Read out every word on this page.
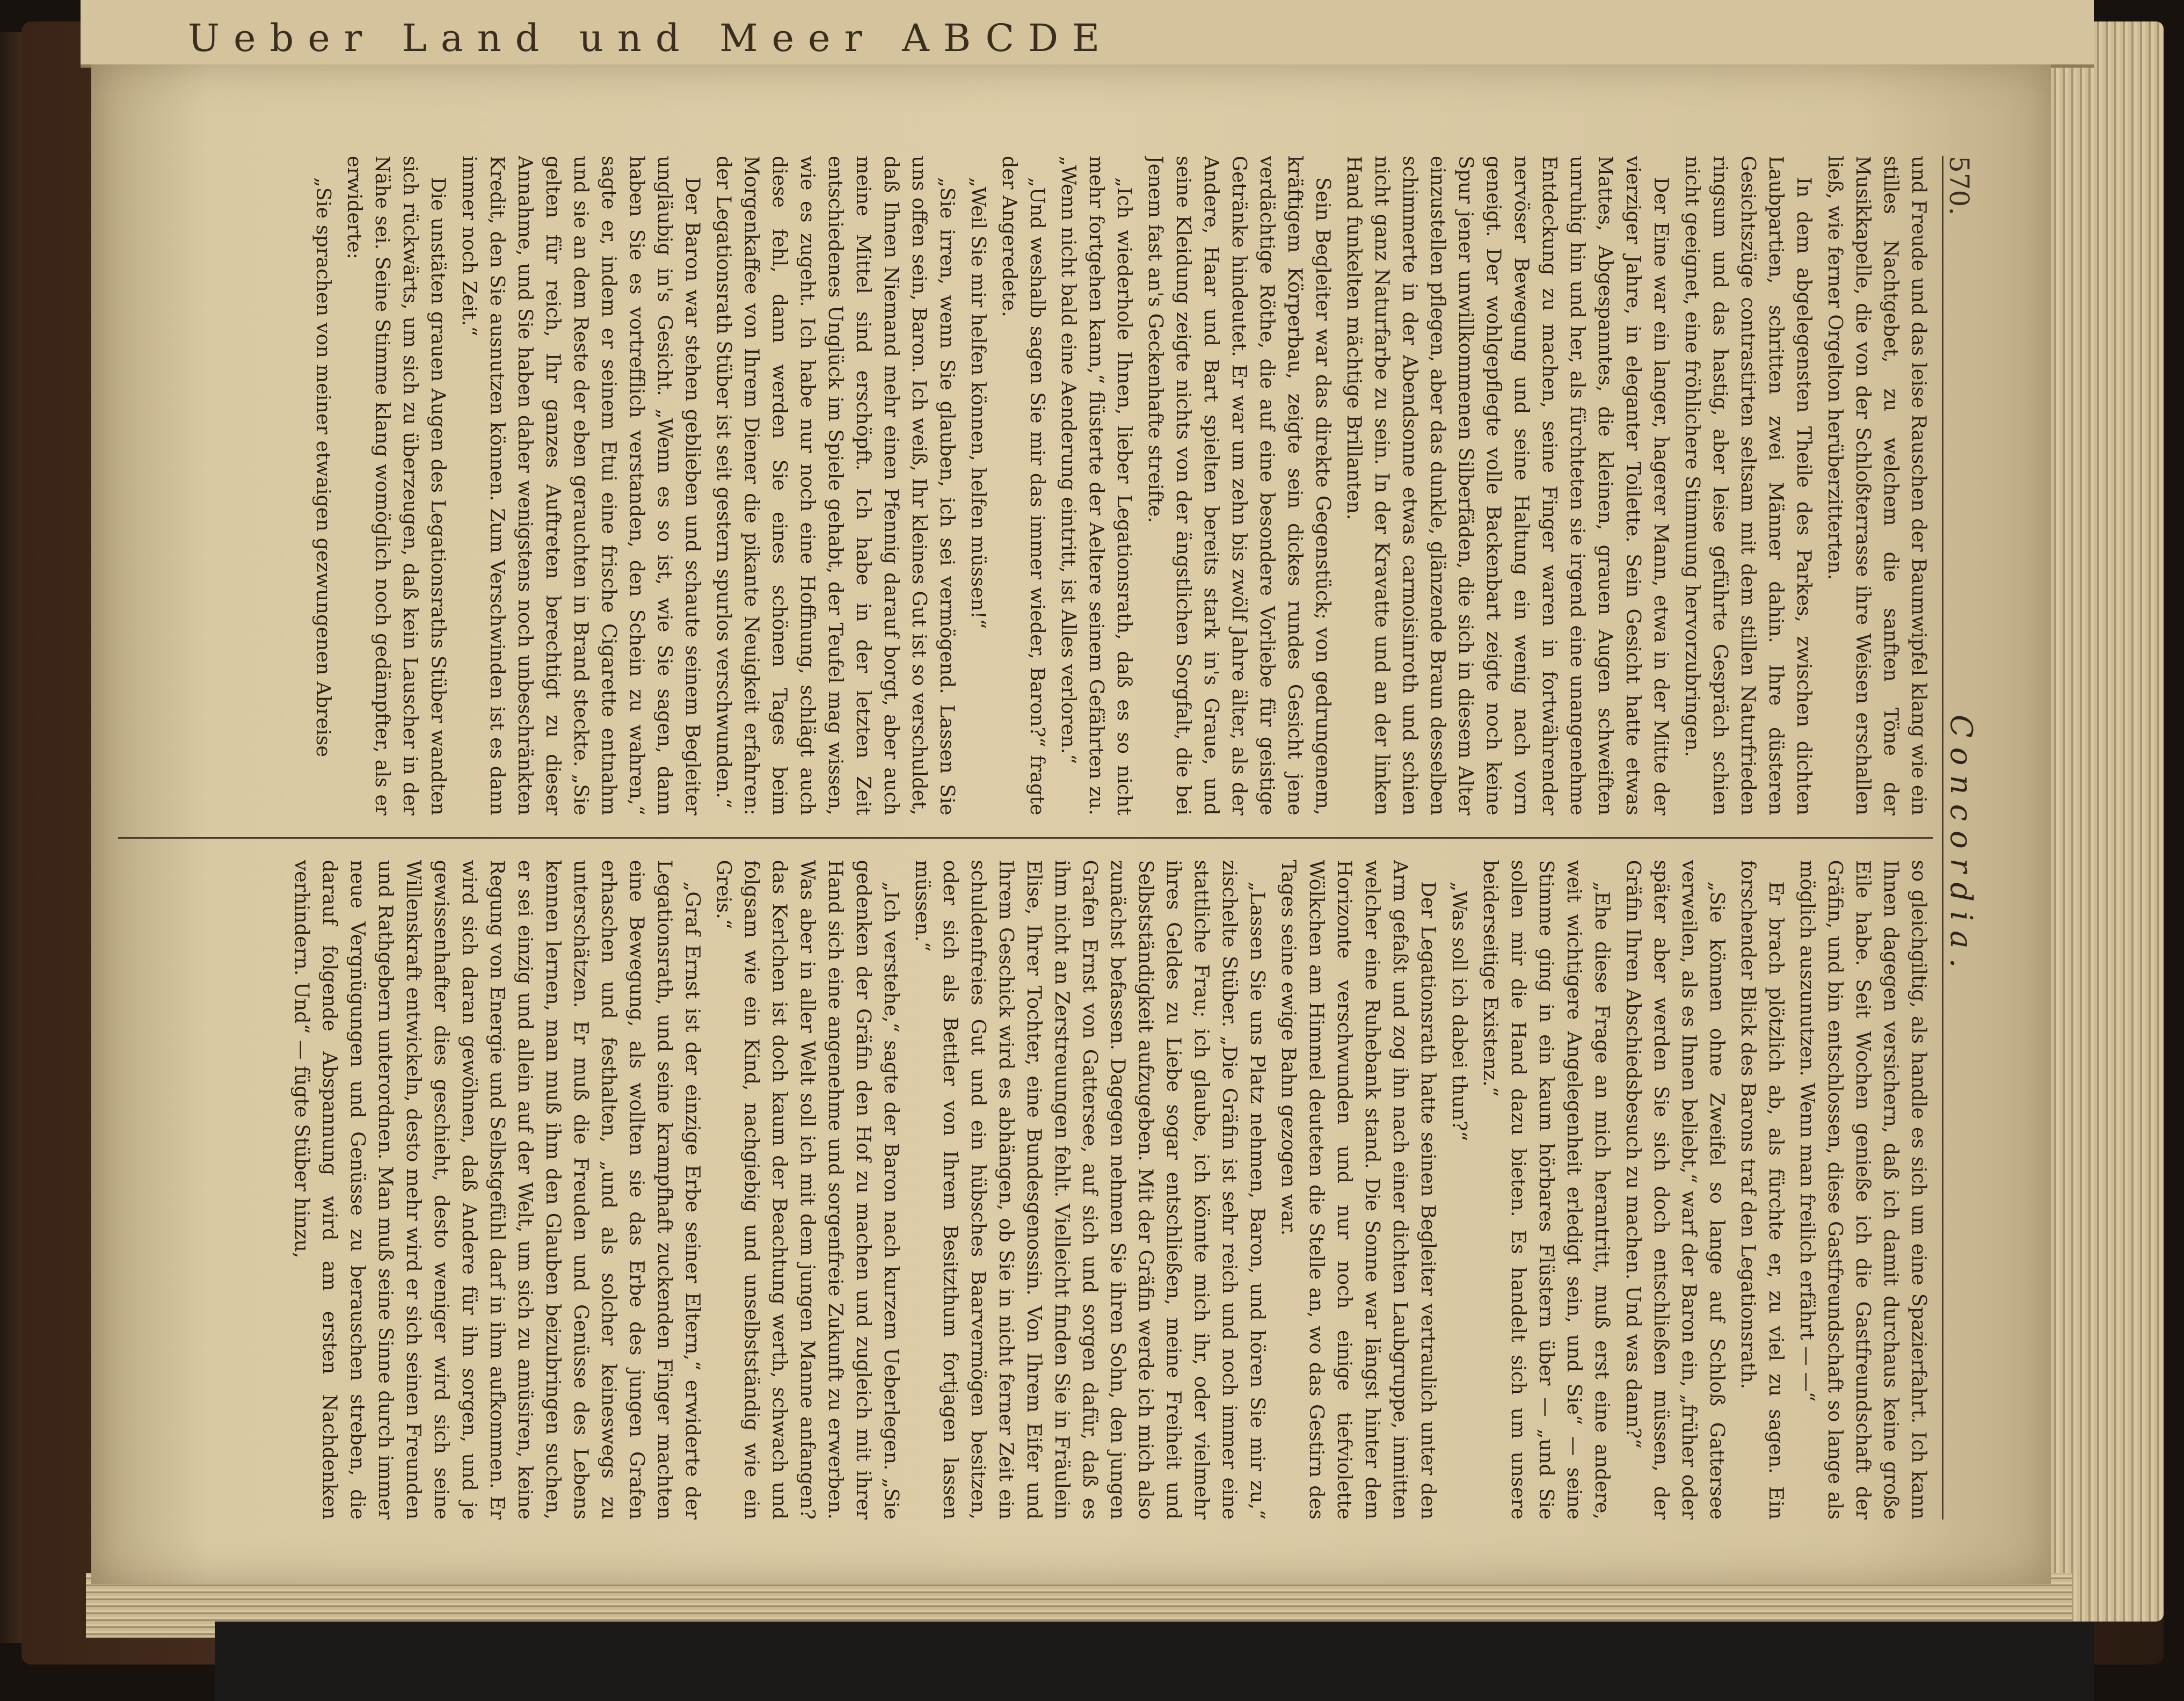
Ueber Land und Meer ABCDE
570.
Concordia.

und Freude und das leise Rauschen der Baumwipfel klang wie ein stilles Nachtgebet, zu welchem die sanften Töne der Musikkapelle, die von der Schloßterrasse ihre Weisen erschallen ließ, wie ferner Orgelton herüberzitterten.

In dem abgelegensten Theile des Parkes, zwischen dichten Laubpartien, schritten zwei Männer dahin. Ihre düsteren Gesichtszüge contrastirten seltsam mit dem stillen Naturfrieden ringsum und das hastig, aber leise geführte Gespräch schien nicht geeignet, eine fröhlichere Stimmung hervorzubringen.

Der Eine war ein langer, hagerer Mann, etwa in der Mitte der vierziger Jahre, in eleganter Toilette. Sein Gesicht hatte etwas Mattes, Abgespanntes, die kleinen, grauen Augen schweiften unruhig hin und her, als fürchteten sie irgend eine unangenehme Entdeckung zu machen, seine Finger waren in fortwährender nervöser Bewegung und seine Haltung ein wenig nach vorn geneigt. Der wohlgepflegte volle Backenbart zeigte noch keine Spur jener unwillkommenen Silberfäden, die sich in diesem Alter einzustellen pflegen, aber das dunkle, glänzende Braun desselben schimmerte in der Abendsonne etwas carmoisinroth und schien nicht ganz Naturfarbe zu sein. In der Kravatte und an der linken Hand funkelten mächtige Brillanten.

Sein Begleiter war das direkte Gegenstück; von gedrungenem, kräftigem Körperbau, zeigte sein dickes rundes Gesicht jene verdächtige Röthe, die auf eine besondere Vorliebe für geistige Getränke hindeutet. Er war um zehn bis zwölf Jahre älter, als der Andere, Haar und Bart spielten bereits stark in's Graue, und seine Kleidung zeigte nichts von der ängstlichen Sorgfalt, die bei Jenem fast an's Geckenhafte streifte.

„Ich wiederhole Ihnen, lieber Legationsrath, daß es so nicht mehr fortgehen kann,“ flüsterte der Aeltere seinem Gefährten zu. „Wenn nicht bald eine Aenderung eintritt, ist Alles verloren.“

„Und weshalb sagen Sie mir das immer wieder, Baron?“ fragte der Angeredete.

„Weil Sie mir helfen können, helfen müssen!“

„Sie irren, wenn Sie glauben, ich sei vermögend. Lassen Sie uns offen sein, Baron. Ich weiß, Ihr kleines Gut ist so verschuldet, daß Ihnen Niemand mehr einen Pfennig darauf borgt, aber auch meine Mittel sind erschöpft. Ich habe in der letzten Zeit entschiedenes Unglück im Spiele gehabt, der Teufel mag wissen, wie es zugeht. Ich habe nur noch eine Hoffnung, schlägt auch diese fehl, dann werden Sie eines schönen Tages beim Morgenkaffee von Ihrem Diener die pikante Neuigkeit erfahren: der Legationsrath Stüber ist seit gestern spurlos verschwunden.“

Der Baron war stehen geblieben und schaute seinem Begleiter ungläubig in's Gesicht. „Wenn es so ist, wie Sie sagen, dann haben Sie es vortrefflich verstanden, den Schein zu wahren,“ sagte er, indem er seinem Etui eine frische Cigarette entnahm und sie an dem Reste der eben gerauchten in Brand steckte. „Sie gelten für reich, Ihr ganzes Auftreten berechtigt zu dieser Annahme, und Sie haben daher wenigstens noch unbeschränkten Kredit, den Sie ausnutzen können. Zum Verschwinden ist es dann immer noch Zeit.“

Die unstäten grauen Augen des Legationsraths Stüber wandten sich rückwärts, um sich zu überzeugen, daß kein Lauscher in der Nähe sei. Seine Stimme klang womöglich noch gedämpfter, als er erwiderte:

„Sie sprachen von meiner etwaigen gezwungenen Abreise

so gleichgiltig, als handle es sich um eine Spazierfahrt. Ich kann Ihnen dagegen versichern, daß ich damit durchaus keine große Eile habe. Seit Wochen genieße ich die Gastfreundschaft der Gräfin, und bin entschlossen, diese Gastfreundschaft so lange als möglich auszunutzen. Wenn man freilich erfährt — —“

Er brach plötzlich ab, als fürchte er, zu viel zu sagen. Ein forschender Blick des Barons traf den Legationsrath.

„Sie können ohne Zweifel so lange auf Schloß Gattersee verweilen, als es Ihnen beliebt,“ warf der Baron ein, „früher oder später aber werden Sie sich doch entschließen müssen, der Gräfin Ihren Abschiedsbesuch zu machen. Und was dann?“

„Ehe diese Frage an mich herantritt, muß erst eine andere, weit wichtigere Angelegenheit erledigt sein, und Sie“ — seine Stimme ging in ein kaum hörbares Flüstern über — „und Sie sollen mir die Hand dazu bieten. Es handelt sich um unsere beiderseitige Existenz.“

„Was soll ich dabei thun?“

Der Legationsrath hatte seinen Begleiter vertraulich unter den Arm gefaßt und zog ihn nach einer dichten Laubgruppe, inmitten welcher eine Ruhebank stand. Die Sonne war längst hinter dem Horizonte verschwunden und nur noch einige tiefviolette Wölkchen am Himmel deuteten die Stelle an, wo das Gestirn des Tages seine ewige Bahn gezogen war.

„Lassen Sie uns Platz nehmen, Baron, und hören Sie mir zu,“ zischelte Stüber. „Die Gräfin ist sehr reich und noch immer eine stattliche Frau; ich glaube, ich könnte mich ihr, oder vielmehr ihres Geldes zu Liebe sogar entschließen, meine Freiheit und Selbstständigkeit aufzugeben. Mit der Gräfin werde ich mich also zunächst befassen. Dagegen nehmen Sie ihren Sohn, den jungen Grafen Ernst von Gattersee, auf sich und sorgen dafür, daß es ihm nicht an Zerstreuungen fehlt. Vielleicht finden Sie in Fräulein Elise, Ihrer Tochter, eine Bundesgenossin. Von Ihrem Eifer und Ihrem Geschick wird es abhängen, ob Sie in nicht ferner Zeit ein schuldenfreies Gut und ein hübsches Baarvermögen besitzen, oder sich als Bettler von Ihrem Besitzthum fortjagen lassen müssen.“

„Ich verstehe,“ sagte der Baron nach kurzem Ueberlegen. „Sie gedenken der Gräfin den Hof zu machen und zugleich mit ihrer Hand sich eine angenehme und sorgenfreie Zukunft zu erwerben. Was aber in aller Welt soll ich mit dem jungen Manne anfangen? das Kerlchen ist doch kaum der Beachtung werth, schwach und folgsam wie ein Kind, nachgiebig und unselbstständig wie ein Greis.“

„Graf Ernst ist der einzige Erbe seiner Eltern,“ erwiderte der Legationsrath, und seine krampfhaft zuckenden Finger machten eine Bewegung, als wollten sie das Erbe des jungen Grafen erhaschen und festhalten, „und als solcher keineswegs zu unterschätzen. Er muß die Freuden und Genüsse des Lebens kennen lernen, man muß ihm den Glauben beizubringen suchen, er sei einzig und allein auf der Welt, um sich zu amüsiren, keine Regung von Energie und Selbstgefühl darf in ihm aufkommen. Er wird sich daran gewöhnen, daß Andere für ihn sorgen, und je gewissenhafter dies geschieht, desto weniger wird sich seine Willenskraft entwickeln, desto mehr wird er sich seinen Freunden und Rathgebern unterordnen. Man muß seine Sinne durch immer neue Vergnügungen und Genüsse zu berauschen streben, die darauf folgende Abspannung wird am ersten Nachdenken verhindern. Und“ — fügte Stüber hinzu,
